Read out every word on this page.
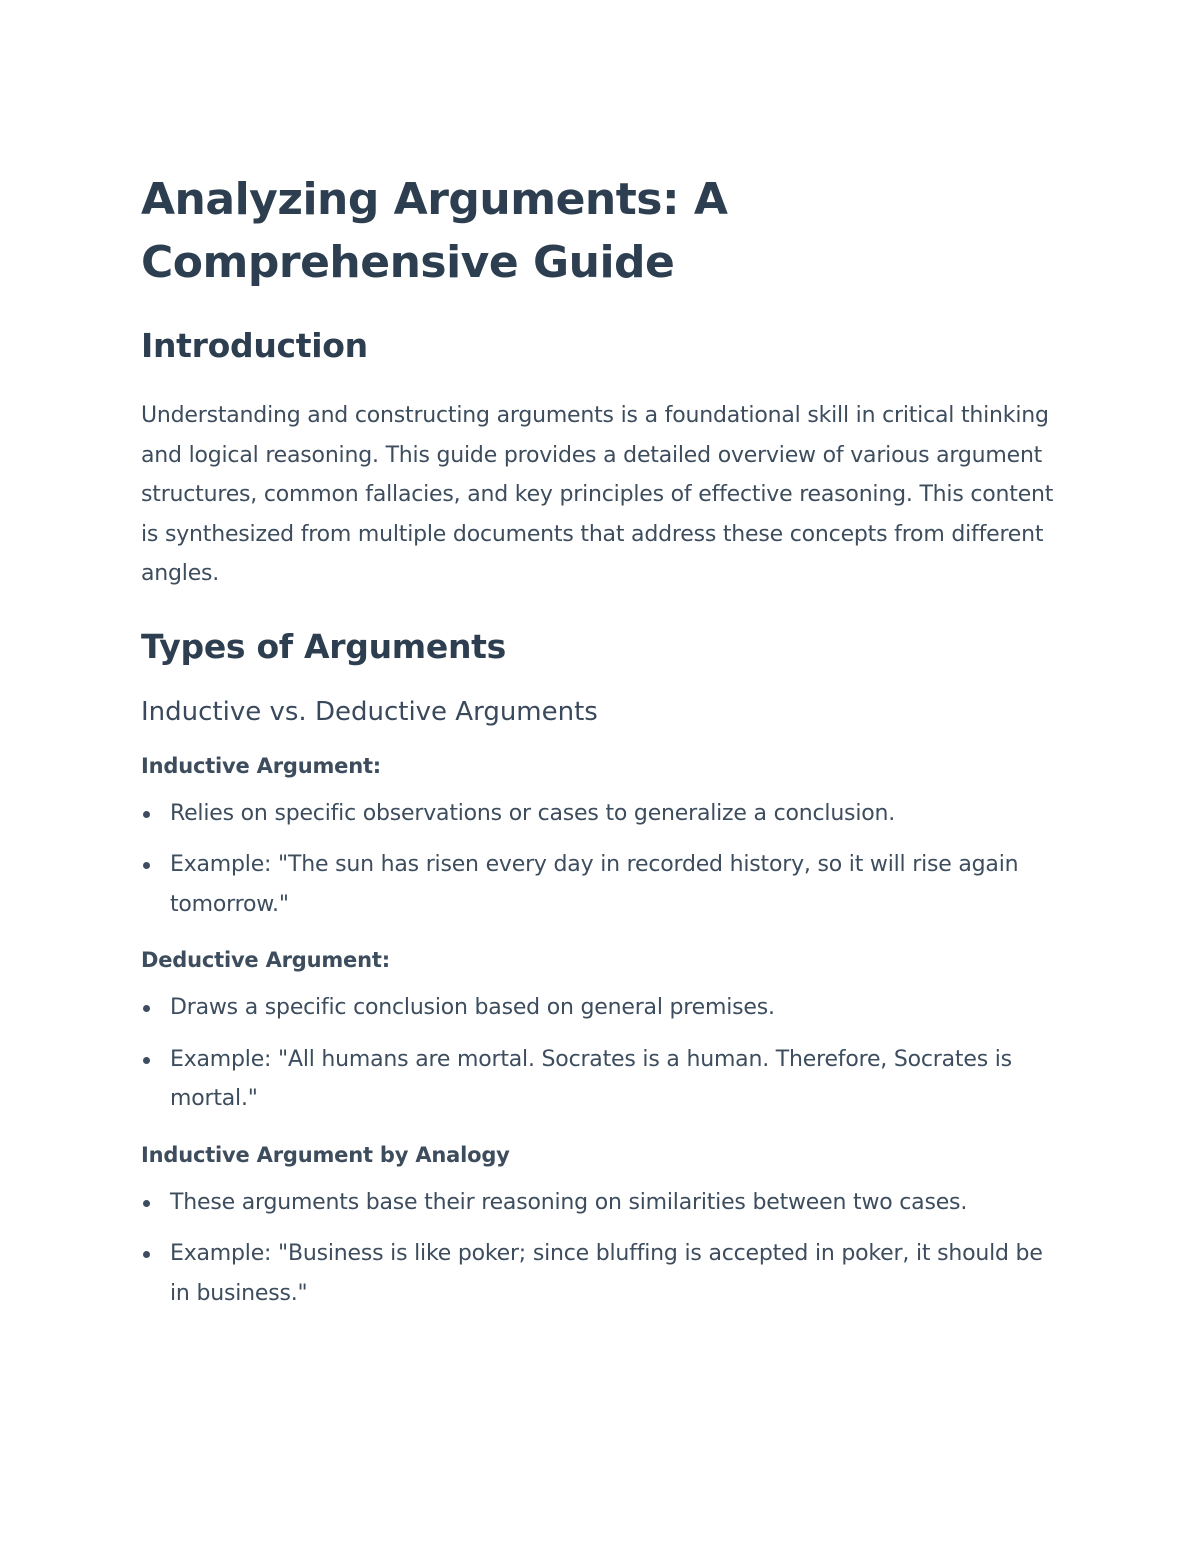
Analyzing Arguments: A
Comprehensive Guide
Introduction

Understanding and constructing arguments is a foundational skill in critical thinking and logical reasoning. This guide provides a detailed overview of various argument structures, common fallacies, and key principles of effective reasoning. This content is synthesized from multiple documents that address these concepts from different angles.

Types of Arguments
Inductive vs. Deductive Arguments

Inductive Argument:

Relies on specific observations or cases to generalize a conclusion.
Example: "The sun has risen every day in recorded history, so it will rise again tomorrow."

Deductive Argument:

Draws a specific conclusion based on general premises.
Example: "All humans are mortal. Socrates is a human. Therefore, Socrates is mortal."

Inductive Argument by Analogy

These arguments base their reasoning on similarities between two cases.
Example: "Business is like poker; since bluffing is accepted in poker, it should be in business."
